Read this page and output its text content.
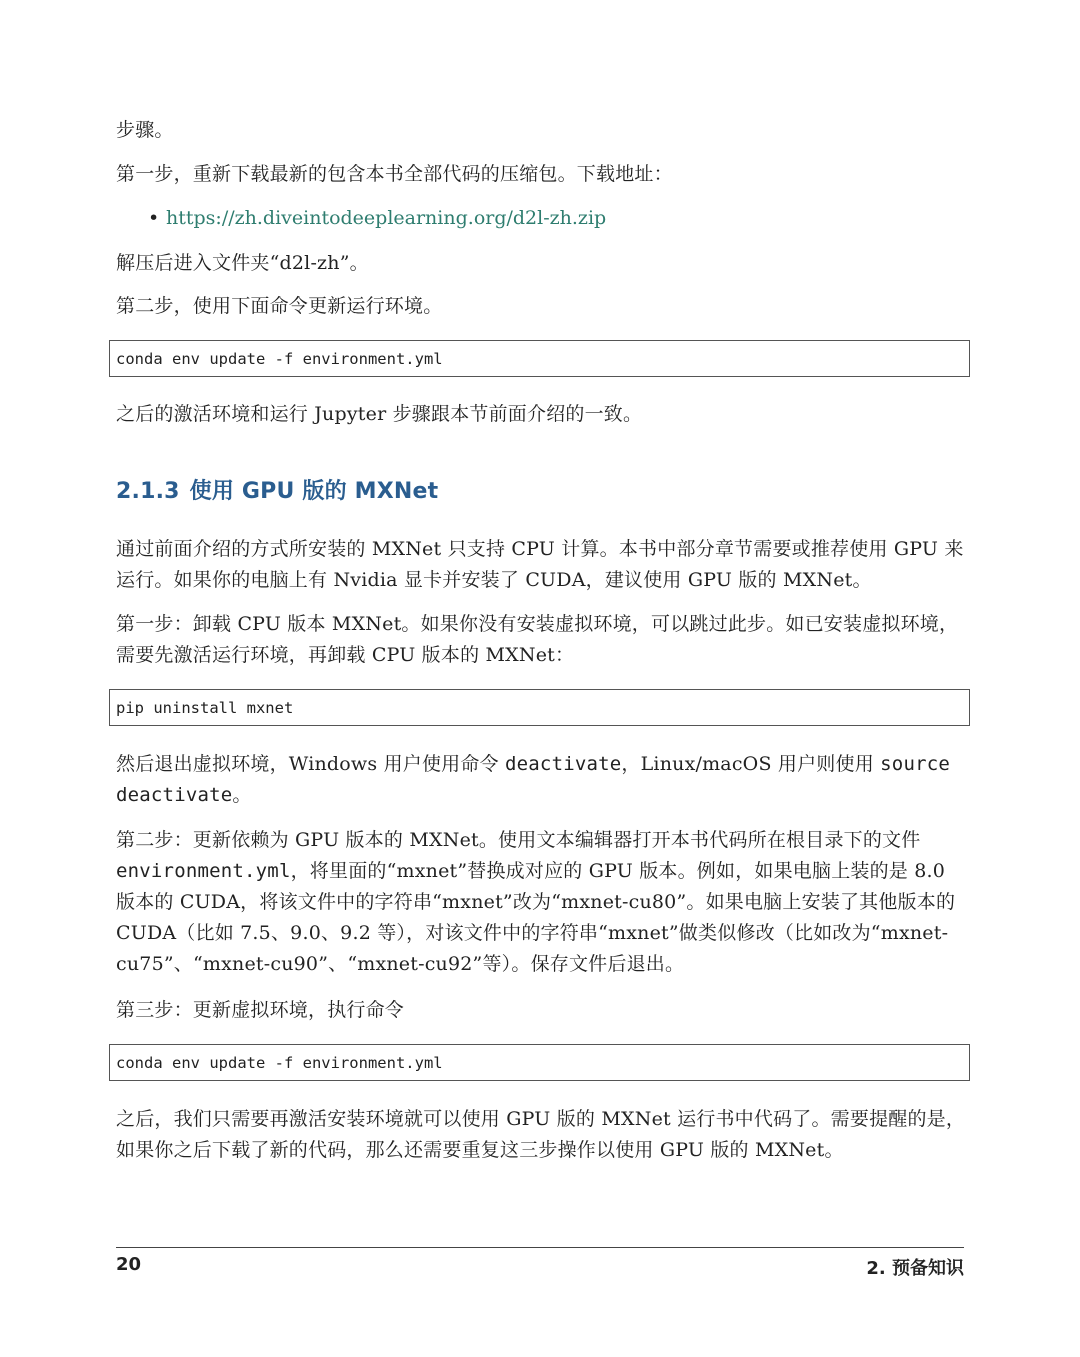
步骤。

第一步，重新下载最新的包含本书全部代码的压缩包。下载地址：

• https://zh.diveintodeeplearning.org/d2l-zh.zip

解压后进入文件夹“d2l-zh”。

第二步，使用下面命令更新运行环境。

conda env update -f environment.yml

之后的激活环境和运行 Jupyter 步骤跟本节前面介绍的一致。

2.1.3 使用 GPU 版的 MXNet

通过前面介绍的方式所安装的 MXNet 只支持 CPU 计算。本书中部分章节需要或推荐使用 GPU 来运行。如果你的电脑上有 Nvidia 显卡并安装了 CUDA，建议使用 GPU 版的 MXNet。

第一步：卸载 CPU 版本 MXNet。如果你没有安装虚拟环境，可以跳过此步。如已安装虚拟环境，需要先激活运行环境，再卸载 CPU 版本的 MXNet：

pip uninstall mxnet

然后退出虚拟环境，Windows 用户使用命令 deactivate，Linux/macOS 用户则使用 source deactivate。

第二步：更新依赖为 GPU 版本的 MXNet。使用文本编辑器打开本书代码所在根目录下的文件environment.yml，将里面的“mxnet”替换成对应的 GPU 版本。例如，如果电脑上装的是 8.0 版本的 CUDA，将该文件中的字符串“mxnet”改为“mxnet-cu80”。如果电脑上安装了其他版本的 CUDA（比如 7.5、9.0、9.2 等），对该文件中的字符串“mxnet”做类似修改（比如改为“mxnet-cu75”、“mxnet-cu90”、“mxnet-cu92”等）。保存文件后退出。

第三步：更新虚拟环境，执行命令

conda env update -f environment.yml

之后，我们只需要再激活安装环境就可以使用 GPU 版的 MXNet 运行书中代码了。需要提醒的是，如果你之后下载了新的代码，那么还需要重复这三步操作以使用 GPU 版的 MXNet。

20	2. 预备知识
